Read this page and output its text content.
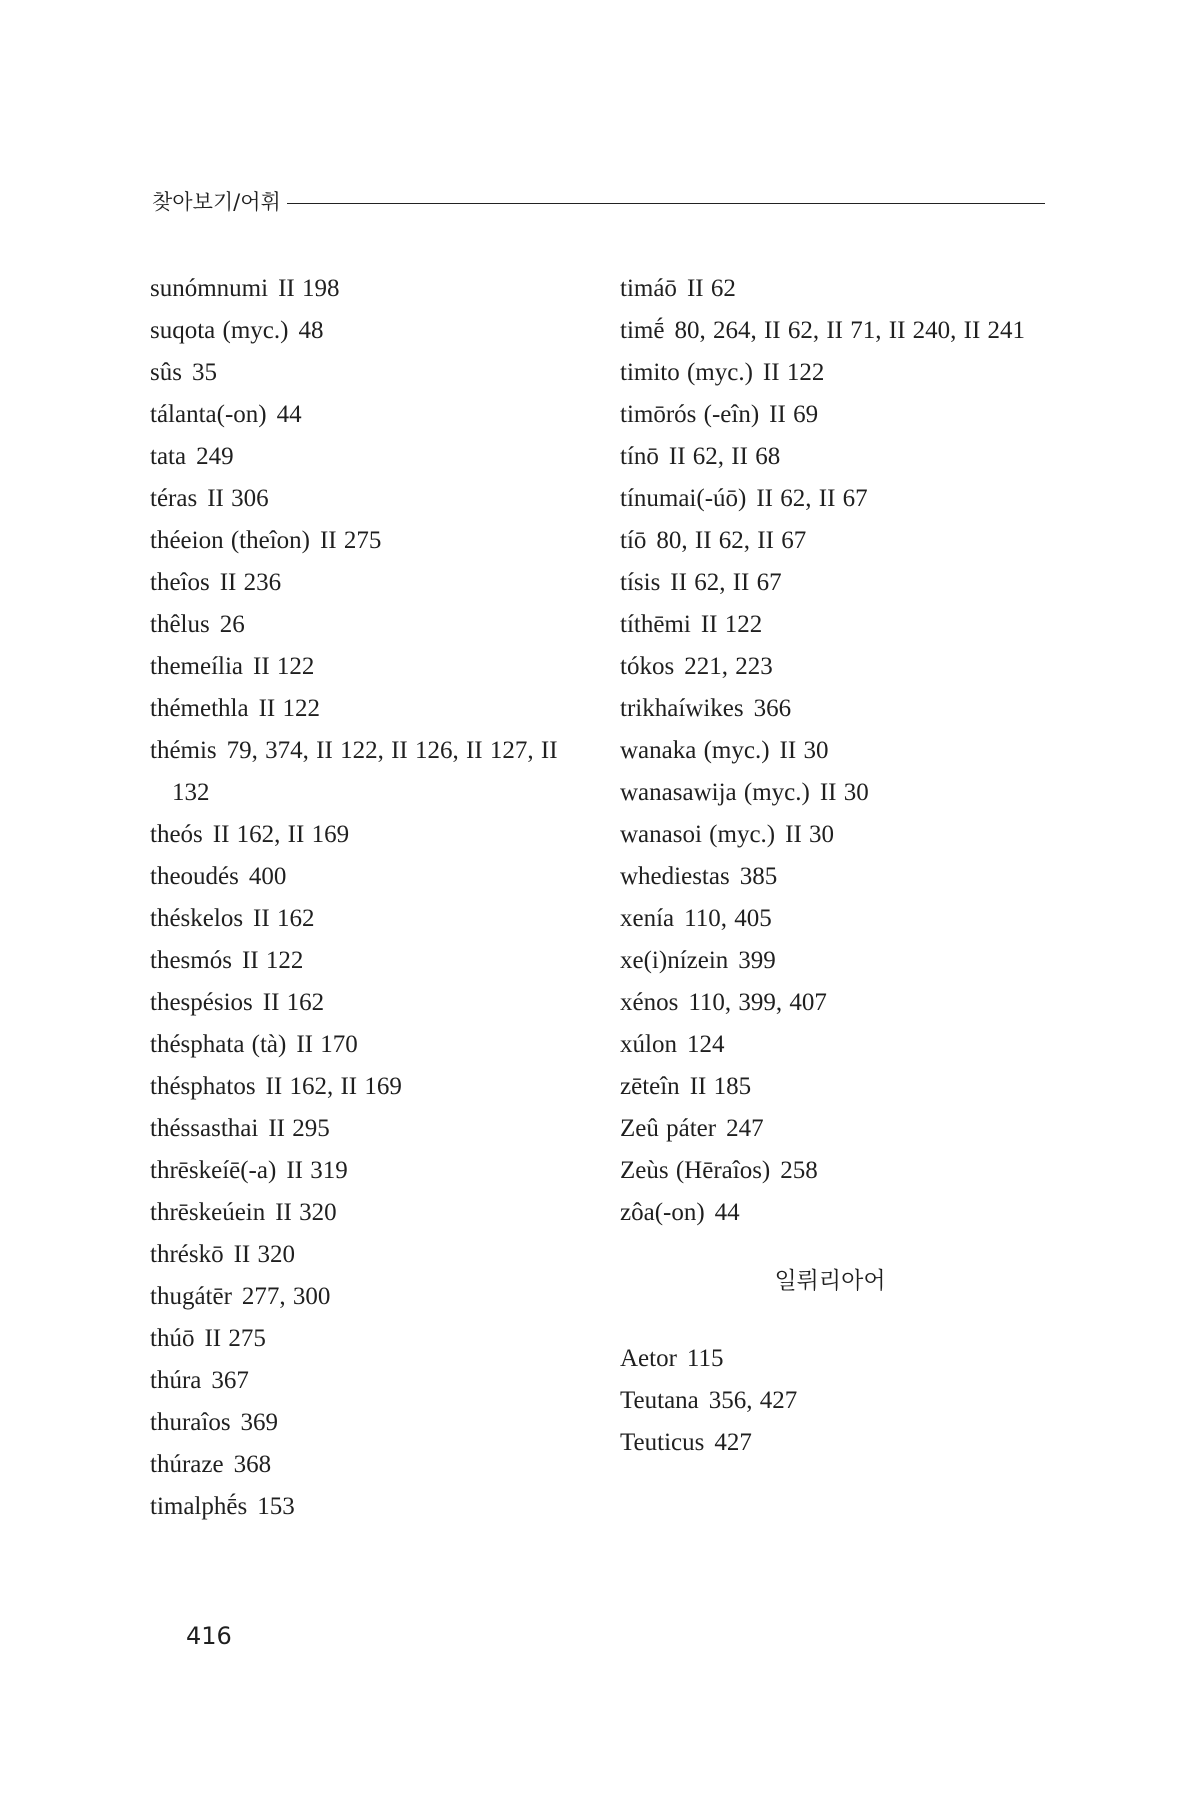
찾아보기/어휘
sunómnumi II 198
suqota (myc.) 48
sûs 35
tálanta(-on) 44
tata 249
téras II 306
théeion (theîon) II 275
theîos II 236
thêlus 26
themeília II 122
thémethla II 122
thémis 79, 374, II 122, II 126, II 127, II 132
theós II 162, II 169
theoudés 400
théskelos II 162
thesmós II 122
thespésios II 162
thésphata (tà) II 170
thésphatos II 162, II 169
théssasthai II 295
thrēskeíē(-a) II 319
thrēskeúein II 320
thréskō II 320
thugátēr 277, 300
thúō II 275
thúra 367
thuraîos 369
thúraze 368
timalphḗs 153
timáō II 62
timḗ 80, 264, II 62, II 71, II 240, II 241
timito (myc.) II 122
timōrós (-eîn) II 69
tínō II 62, II 68
tínumai(-úō) II 62, II 67
tíō 80, II 62, II 67
tísis II 62, II 67
títhēmi II 122
tókos 221, 223
trikhaíwikes 366
wanaka (myc.) II 30
wanasawija (myc.) II 30
wanasoi (myc.) II 30
whediestas 385
xenía 110, 405
xe(i)nízein 399
xénos 110, 399, 407
xúlon 124
zēteîn II 185
Zeû páter 247
Zeùs (Hēraîos) 258
zôa(-on) 44
일뤼리아어
Aetor 115
Teutana 356, 427
Teuticus 427
416
